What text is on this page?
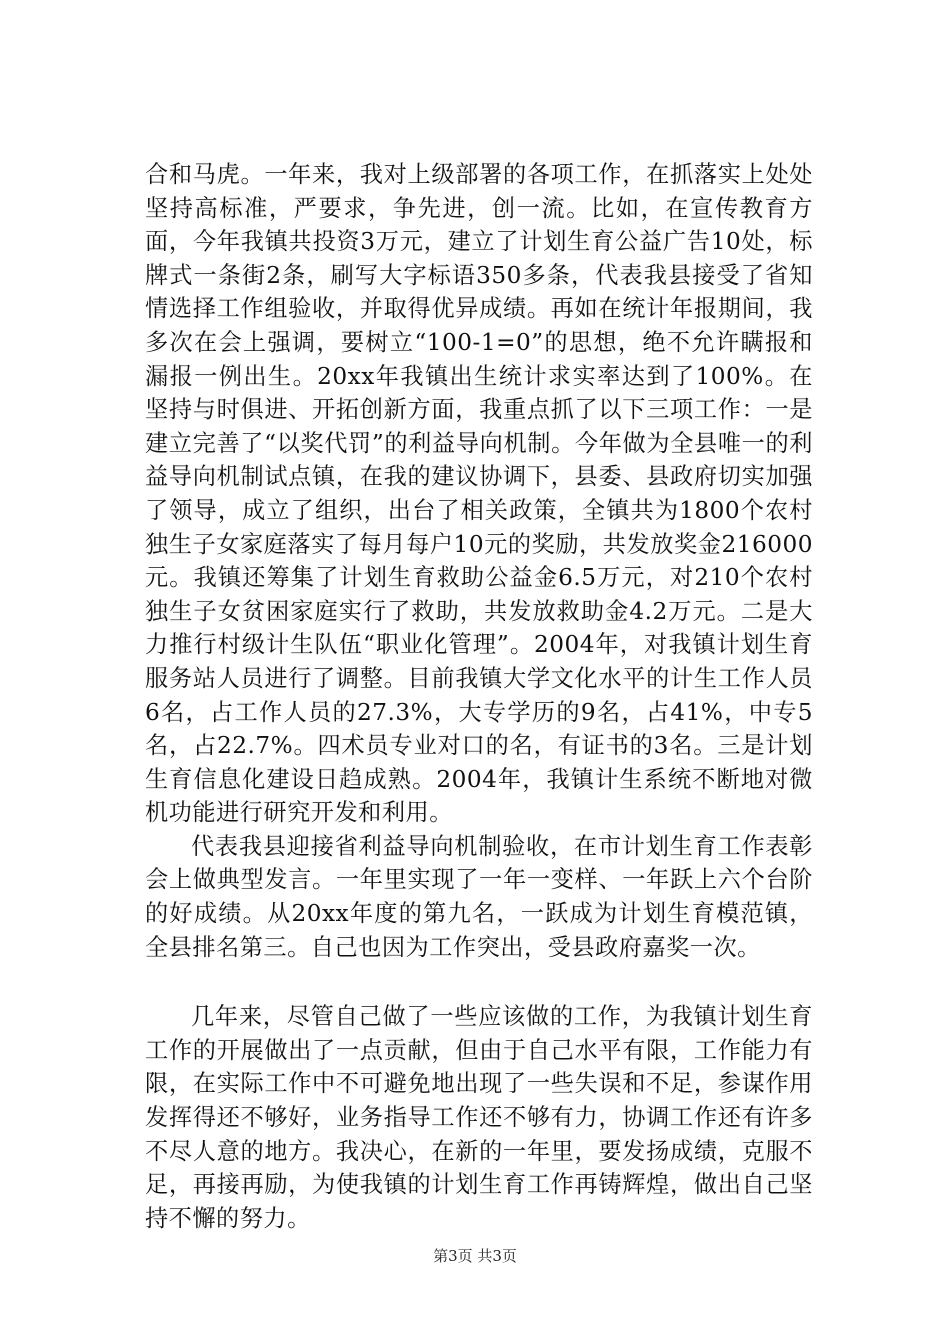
合和马虎。一年来，我对上级部署的各项工作，在抓落实上处处坚持高标准，严要求，争先进，创一流。比如，在宣传教育方面，今年我镇共投资3万元，建立了计划生育公益广告10处，标牌式一条街2条，刷写大字标语350多条，代表我县接受了省知情选择工作组验收，并取得优异成绩。再如在统计年报期间，我多次在会上强调，要树立“100-1=0”的思想，绝不允许瞒报和漏报一例出生。20xx年我镇出生统计求实率达到了100%。在坚持与时俱进、开拓创新方面，我重点抓了以下三项工作：一是建立完善了“以奖代罚”的利益导向机制。今年做为全县唯一的利益导向机制试点镇，在我的建议协调下，县委、县政府切实加强了领导，成立了组织，出台了相关政策，全镇共为1800个农村独生子女家庭落实了每月每户10元的奖励，共发放奖金216000元。我镇还筹集了计划生育救助公益金6.5万元，对210个农村独生子女贫困家庭实行了救助，共发放救助金4.2万元。二是大力推行村级计生队伍“职业化管理”。2004年，对我镇计划生育服务站人员进行了调整。目前我镇大学文化水平的计生工作人员6名，占工作人员的27.3%，大专学历的9名，占41%，中专5名，占22.7%。四术员专业对口的名，有证书的3名。三是计划生育信息化建设日趋成熟。2004年，我镇计生系统不断地对微机功能进行研究开发和利用。

代表我县迎接省利益导向机制验收，在市计划生育工作表彰会上做典型发言。一年里实现了一年一变样、一年跃上六个台阶的好成绩。从20xx年度的第九名，一跃成为计划生育模范镇，全县排名第三。自己也因为工作突出，受县政府嘉奖一次。

几年来，尽管自己做了一些应该做的工作，为我镇计划生育工作的开展做出了一点贡献，但由于自己水平有限，工作能力有限，在实际工作中不可避免地出现了一些失误和不足，参谋作用发挥得还不够好，业务指导工作还不够有力，协调工作还有许多不尽人意的地方。我决心，在新的一年里，要发扬成绩，克服不足，再接再励，为使我镇的计划生育工作再铸辉煌，做出自己坚持不懈的努力。

第3页 共3页
